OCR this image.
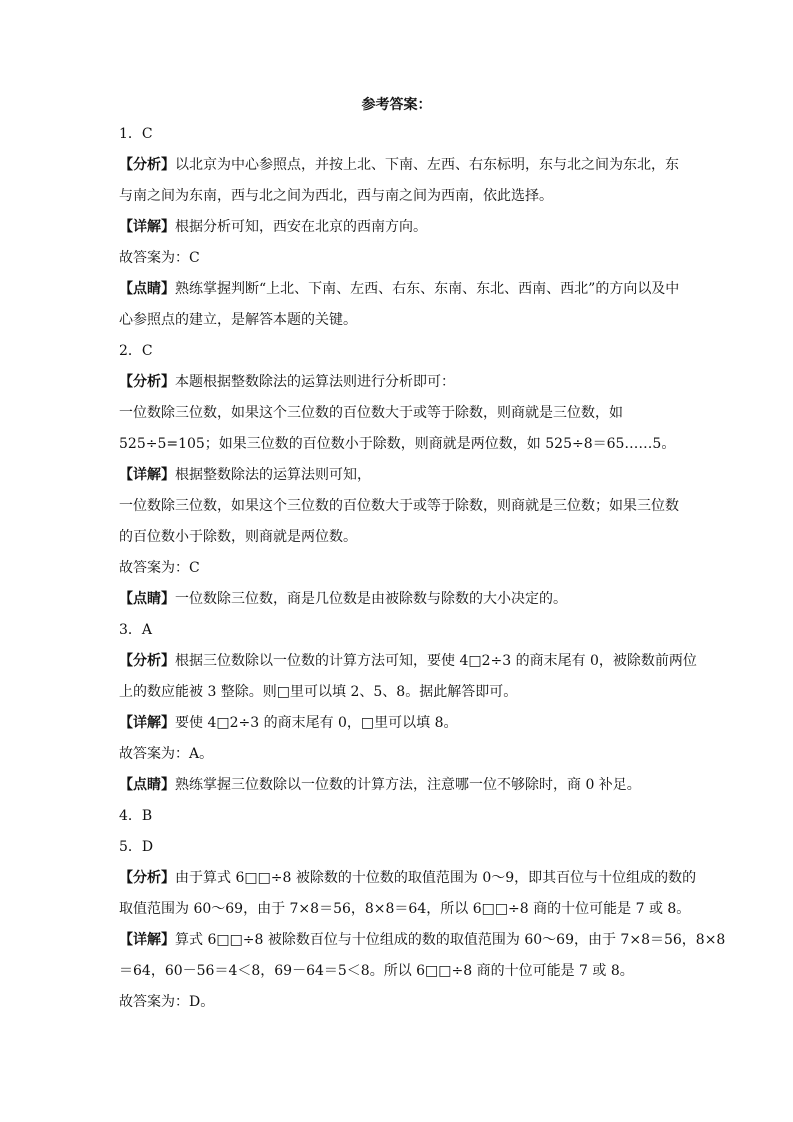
参考答案：
1．C
【分析】以北京为中心参照点，并按上北、下南、左西、右东标明，东与北之间为东北，东
与南之间为东南，西与北之间为西北，西与南之间为西南，依此选择。
【详解】根据分析可知，西安在北京的西南方向。
故答案为：C
【点睛】熟练掌握判断“上北、下南、左西、右东、东南、东北、西南、西北”的方向以及中
心参照点的建立，是解答本题的关键。
2．C
【分析】本题根据整数除法的运算法则进行分析即可：
一位数除三位数，如果这个三位数的百位数大于或等于除数，则商就是三位数，如
525÷5=105；如果三位数的百位数小于除数，则商就是两位数，如 525÷8＝65……5。
【详解】根据整数除法的运算法则可知，
一位数除三位数，如果这个三位数的百位数大于或等于除数，则商就是三位数；如果三位数
的百位数小于除数，则商就是两位数。
故答案为：C
【点睛】一位数除三位数，商是几位数是由被除数与除数的大小决定的。
3．A
【分析】根据三位数除以一位数的计算方法可知，要使 4□2÷3 的商末尾有 0，被除数前两位
上的数应能被 3 整除。则□里可以填 2、5、8。据此解答即可。
【详解】要使 4□2÷3 的商末尾有 0，□里可以填 8。
故答案为：A。
【点睛】熟练掌握三位数除以一位数的计算方法，注意哪一位不够除时，商 0 补足。
4．B
5．D
【分析】由于算式 6□□÷8 被除数的十位数的取值范围为 0～9，即其百位与十位组成的数的
取值范围为 60～69，由于 7×8＝56，8×8＝64，所以 6□□÷8 商的十位可能是 7 或 8。
【详解】算式 6□□÷8 被除数百位与十位组成的数的取值范围为 60～69，由于 7×8＝56，8×8
＝64，60－56＝4＜8，69－64＝5＜8。所以 6□□÷8 商的十位可能是 7 或 8。
故答案为：D。
